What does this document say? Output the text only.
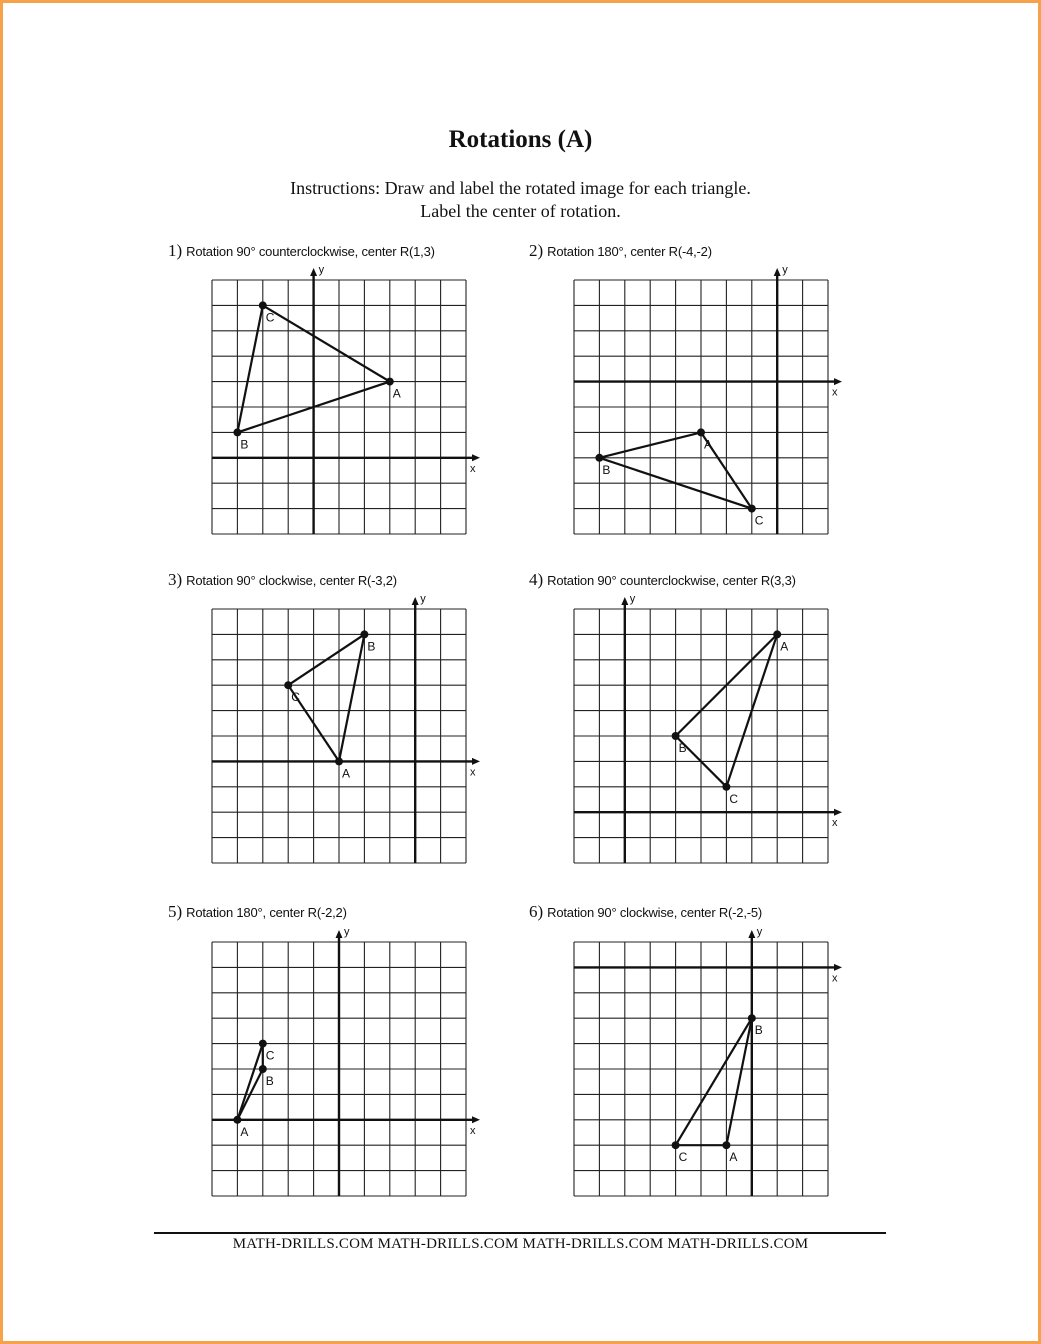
Rotations (A)
Instructions: Draw and label the rotated image for each triangle.
Label the center of rotation.
1) Rotation 90° counterclockwise, center R(1,3)
x
y
A
B
C
2) Rotation 180°, center R(-4,-2)
x
y
A
B
C
3) Rotation 90° clockwise, center R(-3,2)
x
y
A
B
C
4) Rotation 90° counterclockwise, center R(3,3)
x
y
A
B
C
5) Rotation 180°, center R(-2,2)
x
y
A
B
C
6) Rotation 90° clockwise, center R(-2,-5)
x
y
A
B
C
MATH-DRILLS.COM MATH-DRILLS.COM MATH-DRILLS.COM MATH-DRILLS.COM
